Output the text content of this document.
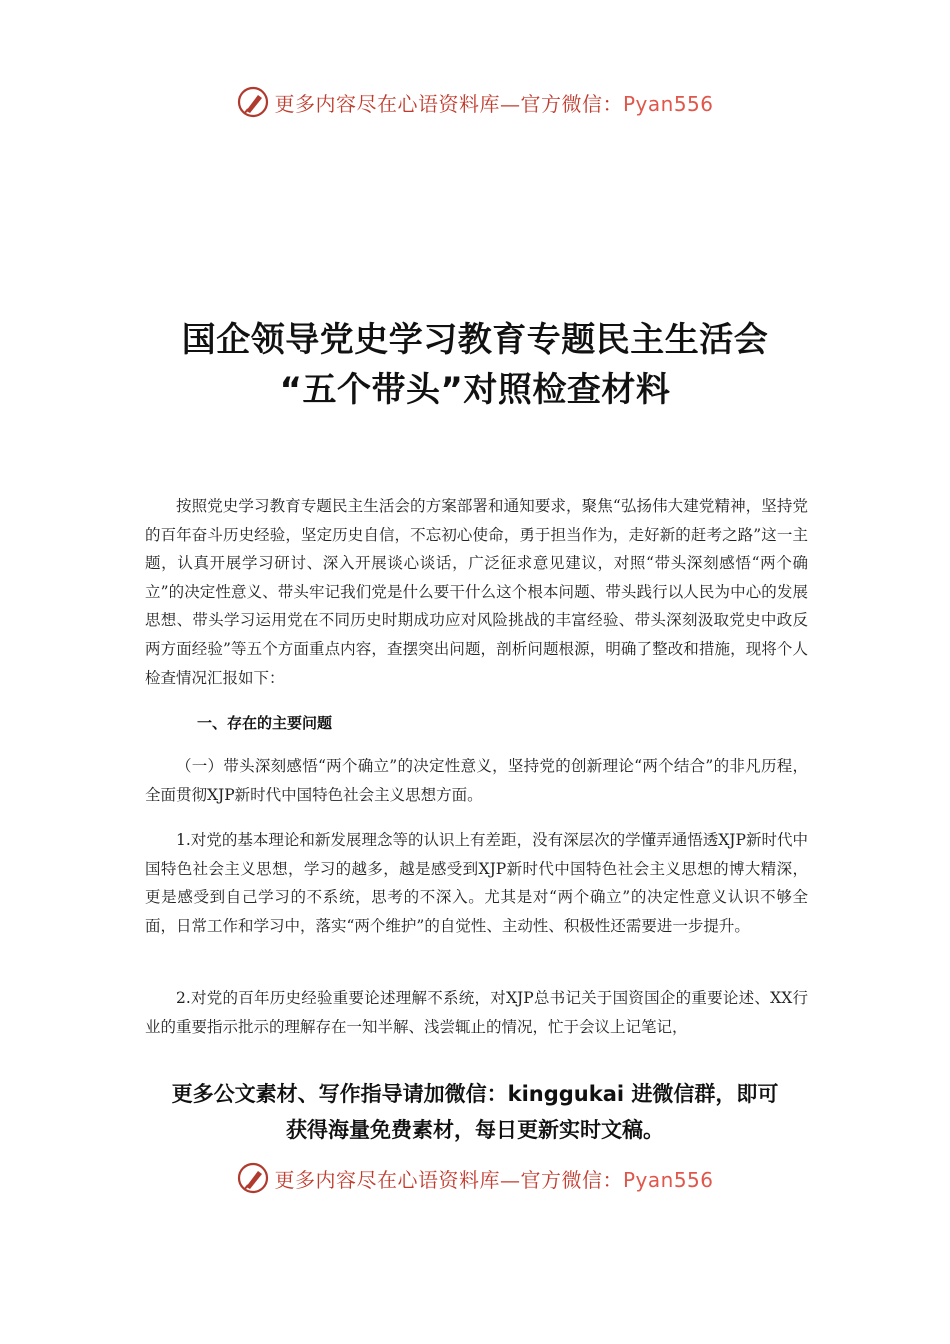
更多内容尽在心语资料库—官方微信：Pyan556
国企领导党史学习教育专题民主生活会
“五个带头”对照检查材料

按照党史学习教育专题民主生活会的方案部署和通知要求，聚焦“弘扬伟大建党精神，坚持党的百年奋斗历史经验，坚定历史自信，不忘初心使命，勇于担当作为，走好新的赶考之路”这一主题，认真开展学习研讨、深入开展谈心谈话，广泛征求意见建议，对照“带头深刻感悟“两个确立”的决定性意义、带头牢记我们党是什么要干什么这个根本问题、带头践行以人民为中心的发展思想、带头学习运用党在不同历史时期成功应对风险挑战的丰富经验、带头深刻汲取党史中政反两方面经验”等五个方面重点内容，查摆突出问题，剖析问题根源，明确了整改和措施，现将个人检查情况汇报如下：

一、存在的主要问题

（一）带头深刻感悟“两个确立”的决定性意义，坚持党的创新理论“两个结合”的非凡历程，全面贯彻XJP新时代中国特色社会主义思想方面。

1.对党的基本理论和新发展理念等的认识上有差距，没有深层次的学懂弄通悟透XJP新时代中国特色社会主义思想，学习的越多，越是感受到XJP新时代中国特色社会主义思想的博大精深，更是感受到自己学习的不系统，思考的不深入。尤其是对“两个确立”的决定性意义认识不够全面，日常工作和学习中，落实“两个维护”的自觉性、主动性、积极性还需要进一步提升。

2.对党的百年历史经验重要论述理解不系统，对XJP总书记关于国资国企的重要论述、XX行业的重要指示批示的理解存在一知半解、浅尝辄止的情况，忙于会议上记笔记，

更多公文素材、写作指导请加微信：kinggukai 进微信群，即可
获得海量免费素材，每日更新实时文稿。
更多内容尽在心语资料库—官方微信：Pyan556
